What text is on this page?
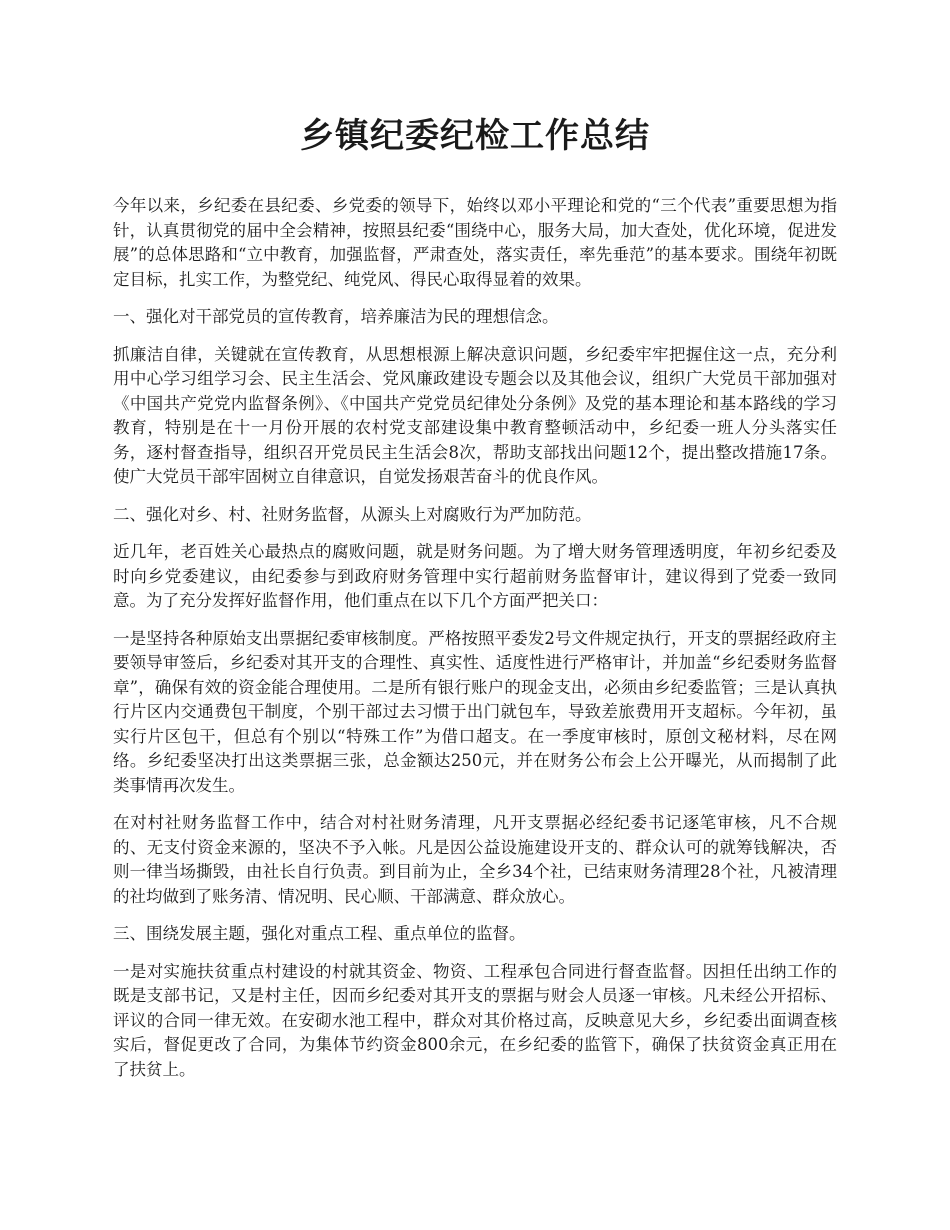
乡镇纪委纪检工作总结

今年以来，乡纪委在县纪委、乡党委的领导下，始终以邓小平理论和党的“三个代表”重要思想为指针，认真贯彻党的届中全会精神，按照县纪委“围绕中心，服务大局，加大查处，优化环境，促进发展”的总体思路和“立中教育，加强监督，严肃查处，落实责任，率先垂范”的基本要求。围绕年初既定目标，扎实工作，为整党纪、纯党风、得民心取得显着的效果。

一、强化对干部党员的宣传教育，培养廉洁为民的理想信念。

抓廉洁自律，关键就在宣传教育，从思想根源上解决意识问题，乡纪委牢牢把握住这一点，充分利用中心学习组学习会、民主生活会、党风廉政建设专题会以及其他会议，组织广大党员干部加强对《中国共产党党内监督条例》、《中国共产党党员纪律处分条例》及党的基本理论和基本路线的学习教育，特别是在十一月份开展的农村党支部建设集中教育整顿活动中，乡纪委一班人分头落实任务，逐村督查指导，组织召开党员民主生活会8次，帮助支部找出问题12个，提出整改措施17条。使广大党员干部牢固树立自律意识，自觉发扬艰苦奋斗的优良作风。

二、强化对乡、村、社财务监督，从源头上对腐败行为严加防范。

近几年，老百姓关心最热点的腐败问题，就是财务问题。为了增大财务管理透明度，年初乡纪委及时向乡党委建议，由纪委参与到政府财务管理中实行超前财务监督审计，建议得到了党委一致同意。为了充分发挥好监督作用，他们重点在以下几个方面严把关口：

一是坚持各种原始支出票据纪委审核制度。严格按照平委发2号文件规定执行，开支的票据经政府主要领导审签后，乡纪委对其开支的合理性、真实性、适度性进行严格审计，并加盖“乡纪委财务监督章”，确保有效的资金能合理使用。二是所有银行账户的现金支出，必须由乡纪委监管；三是认真执行片区内交通费包干制度，个别干部过去习惯于出门就包车，导致差旅费用开支超标。今年初，虽实行片区包干，但总有个别以“特殊工作”为借口超支。在一季度审核时，原创文秘材料，尽在网络。乡纪委坚决打出这类票据三张，总金额达250元，并在财务公布会上公开曝光，从而揭制了此类事情再次发生。

在对村社财务监督工作中，结合对村社财务清理，凡开支票据必经纪委书记逐笔审核，凡不合规的、无支付资金来源的，坚决不予入帐。凡是因公益设施建设开支的、群众认可的就筹钱解决，否则一律当场撕毁，由社长自行负责。到目前为止，全乡34个社，已结束财务清理28个社，凡被清理的社均做到了账务清、情况明、民心顺、干部满意、群众放心。

三、围绕发展主题，强化对重点工程、重点单位的监督。

一是对实施扶贫重点村建设的村就其资金、物资、工程承包合同进行督查监督。因担任出纳工作的既是支部书记，又是村主任，因而乡纪委对其开支的票据与财会人员逐一审核。凡未经公开招标、评议的合同一律无效。在安砌水池工程中，群众对其价格过高，反映意见大乡，乡纪委出面调查核实后，督促更改了合同，为集体节约资金800余元，在乡纪委的监管下，确保了扶贫资金真正用在了扶贫上。
